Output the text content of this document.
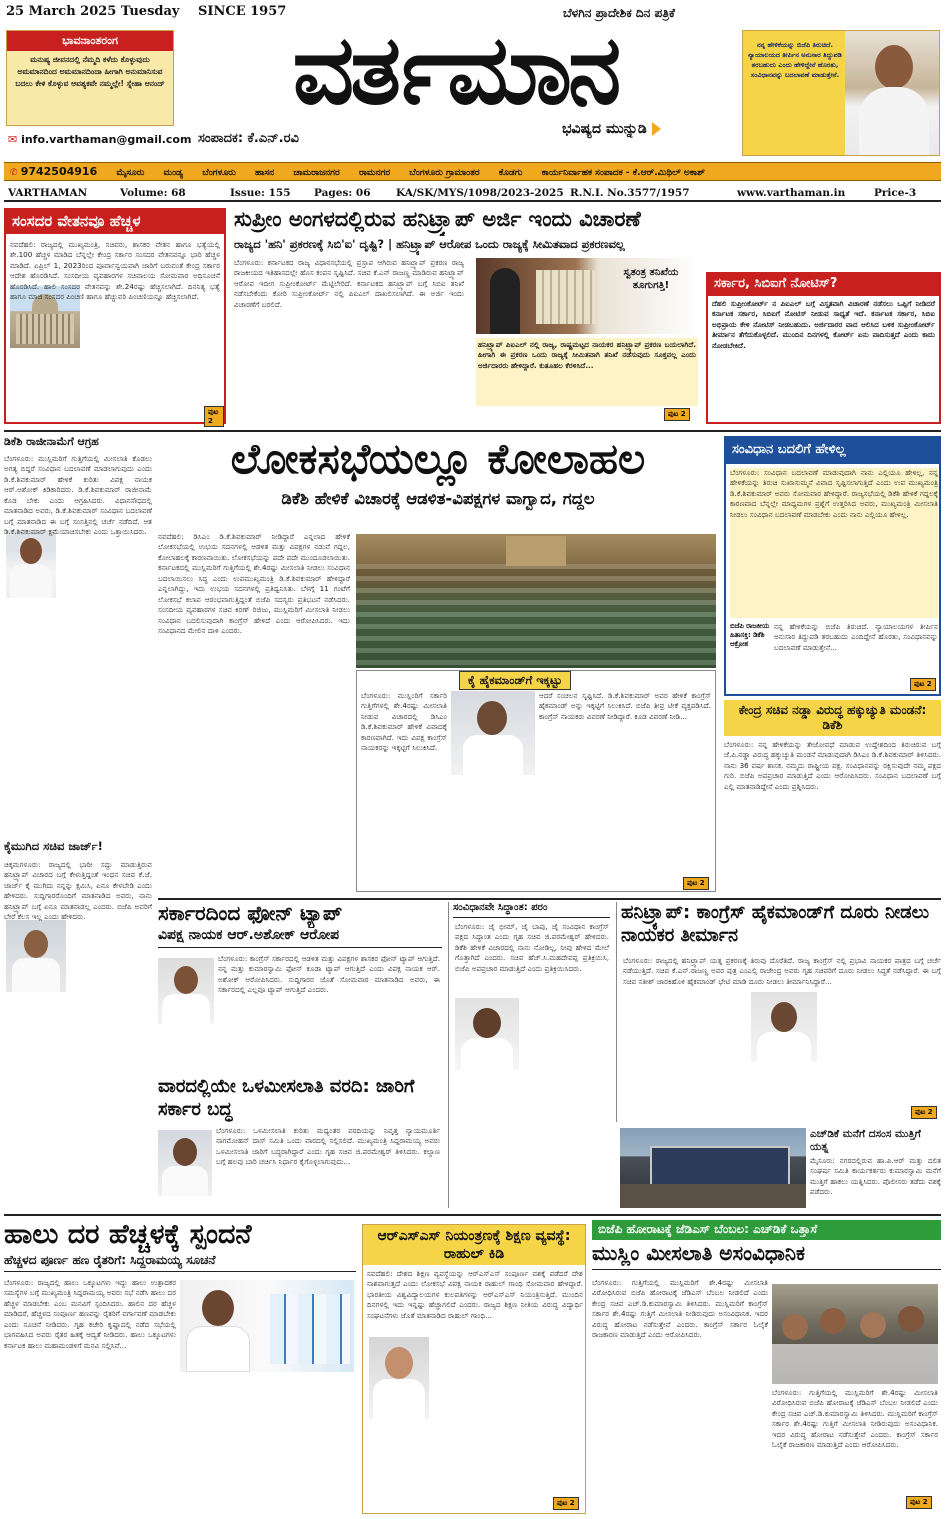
25 March 2025 Tuesday SINCE 1957	ಬೆಳಗಿನ ಪ್ರಾದೇಶಿಕ ದಿನ ಪತ್ರಿಕೆ
ಭಾವನಾಂತರಂಗ
ಮನುಷ್ಯ ಜೀವನದಲ್ಲಿ ನೆಮ್ಮದಿ ಕಳೆದು ಕೊಳ್ಳುವುದು ಅಮಮಾನದಿಂದ ಅಮಮಾನದಿಂದಾ ಹೀಗಾಗಿ ಅನುಮಾನಿಸುವ ಬದಲು ಕೇಳಿ ಕೊಳ್ಳುವ ಆವಶ್ಯಕವೇ ನಮ್ಮಲ್ಲೇ! ಸ್ನೇಹಾ ಆನಂದ್
✉ info.varthaman@gmail.com
ವರ್ತಮಾನ
ಸಂಪಾದಕ: ಕೆ.ಎನ್.ರವಿ
ಭವಿಷ್ಯದ ಮುನ್ನುಡಿ
ನನ್ನ ಹೇಳಿಕೆಯನ್ನು ಬಿಜೆಪಿ ತಿರುಚಿದೆ. ನ್ಯಾಯಾಲಯದ ತೀರ್ಪಿನ ಅನುಸಾರ ತಿದ್ದುಪಡಿ ತರಬಹುದು ಎಂದು ಹೇಳಿದ್ದೇನೆ ಹೊರತು, ಸಂವಿಧಾನವನ್ನು ಬದಲಾವಣೆ ಮಾಡುತ್ತೇನೆ.
✆ 9742504916 ಮೈಸೂರು ಮಂಡ್ಯ ಬೆಂಗಳೂರು ಹಾಸನ ಚಾಮರಾಜನಗರ ರಾಮನಗರ ಬೆಂಗಳೂರು ಗ್ರಾಮಾಂತರ ಕೊಡಗು ಕಾರ್ಯನಿರ್ವಾಹಕ ಸಂಪಾದಕ - ಕೆ.ಆರ್.ಮಿಥಿಲ್ ಅಕಾಶ್
VARTHAMAN	Volume: 68	Issue: 155 Pages: 06 KA/SK/MYS/1098/2023-2025 R.N.I. No.3577/1957	www.varthaman.in	Price-3
ಸಂಸದರ ವೇತನವೂ ಹೆಚ್ಚಳ
ನವದೆಹಲಿ: ರಾಜ್ಯದಲ್ಲಿ ಮುಖ್ಯಮಂತ್ರಿ, ಸಚಿವರು, ಶಾಸಕರ ವೇತನ ಹಾಗೂ ಭತ್ಯೆಯಲ್ಲಿ ಶೇ.100 ಹೆಚ್ಚಳ ಮಾಡಿದ ಬೆನ್ನಲ್ಲೇ ಕೇಂದ್ರ ಸರ್ಕಾರ ಸಂಸದರ ವೇತನವನ್ನೂ ಭಾರಿ ಹೆಚ್ಚಳ ಮಾಡಿದೆ. ಏಪ್ರಿಲ್ 1, 2023ರಿಂದ ಪೂರ್ವಾನ್ವಯವಾಗಿ ಜಾರಿಗೆ ಬರುವಂತೆ ಕೇಂದ್ರ ಸರ್ಕಾರ ಆದೇಶ ಹೊರಡಿಸಿದೆ. ಸಂಸದೀಯ ವ್ಯವಹಾರಗಳ ಸಚಿವಾಲಯ ಸೋಮವಾರ ಅಧಿಸೂಚನೆ ಹೊರಡಿಸಿದೆ. ಹಾಲಿ ಸಂಸದರ ವೇತನವನ್ನು ಶೇ.24ರಷ್ಟು ಹೆಚ್ಚಿಸಲಾಗಿದೆ. ದಿನನಿತ್ಯ ಭತ್ಯೆ ಹಾಗೂ ಮಾಜಿ ಸಂಸದರ ಪಿಂಚಣಿ ಹಾಗೂ ಹೆಚ್ಚುವರಿ ಪಿಂಚಣಿಯನ್ನೂ ಹೆಚ್ಚಿಸಲಾಗಿದೆ.
ಪುಟ 2
ಸುಪ್ರೀಂ ಅಂಗಳದಲ್ಲಿರುವ ಹನಿಟ್ರ್ಯಾಪ್ ಅರ್ಜಿ ಇಂದು ವಿಚಾರಣೆ
ರಾಜ್ಯದ 'ಹನಿ' ಪ್ರಕರಣಕ್ಕೆ ಸಿಬಿ'ಐ' ದೃಷ್ಟಿ? | ಹನಿಟ್ರ್ಯಾಪ್ ಆರೋಪ ಒಂದು ರಾಜ್ಯಕ್ಕೆ ಸೀಮಿತವಾದ ಪ್ರಕರಣವಲ್ಲ
ಬೆಂಗಳೂರು: ಕರ್ನಾಟಕದ ರಾಜ್ಯ ವಿಧಾನಸಭೆಯಲ್ಲಿ ಪ್ರಸ್ತಾಪ ಆಗಿರುವ ಹನಿಟ್ರ್ಯಾಪ್ ಪ್ರಕರಣ ರಾಜ್ಯ ರಾಜಕೀಯದ ಇತಿಹಾಸದಲ್ಲೇ ಹೊಸ ಕಂಪನ ಸೃಷ್ಟಿಸಿದೆ. ಸಚಿವ ಕೆ.ಎನ್ ರಾಜಣ್ಣ ಮಾಡಿರುವ ಹನಿಟ್ರ್ಯಾಪ್ ಆರೋಪ ಇದೀಗ ಸುಪ್ರೀಂಕೋರ್ಟ್ ಮೆಟ್ಟಿಲೇರಿದೆ. ಕರ್ನಾಟಕದ ಹನಿಟ್ರ್ಯಾಪ್ ಬಗ್ಗೆ ಸಿಬಿಐ ತನಿಖೆ ನಡೆಸಬೇಕೆಂದು ಕೋರಿ ಸುಪ್ರೀಂಕೋರ್ಟ್ ನಲ್ಲಿ ಪಿಐಎಲ್ ದಾಖಲಿಸಲಾಗಿದೆ. ಈ ಅರ್ಜಿ ಇಂದು ವಿಚಾರಣೆಗೆ ಬರಲಿದೆ.
ಸ್ವತಂತ್ರ ತನಿಖೆಯ ತೂಗುಗತ್ತಿ!
ಹನಿಟ್ರ್ಯಾಪ್ ಪಿಐಎಲ್ ನಲ್ಲಿ ರಾಜ್ಯ, ರಾಷ್ಟ್ರಮಟ್ಟದ ನಾಯಕರ ಹನಿಟ್ರ್ಯಾಪ್ ಪ್ರಕರಣ ಬಯಲಾಗಿದೆ. ಹೀಗಾಗಿ ಈ ಪ್ರಕರಣ ಒಂದು ರಾಜ್ಯಕ್ಕೆ ಸೀಮಿತವಾಗಿ ತನಿಖೆ ನಡೆಸುವುದು ಸೂಕ್ತವಲ್ಲ ಎಂದು ಅರ್ಜಿದಾರರು ಹೇಳಿದ್ದಾರೆ. ಕುತೂಹಲ ಕೆರಳಿಸಿದೆ...
ಪುಟ 2
ಸರ್ಕಾರ, ಸಿಬಿಐಗೆ ನೋಟಿಸ್?
ದೆಹಲಿ ಸುಪ್ರೀಂಕೋರ್ಟ್ ನ ಪಿಐಎಲ್ ಬಗ್ಗೆ ವಿಸ್ತೃತವಾಗಿ ವಿಚಾರಣೆ ನಡೆಸಲು ಒಪ್ಪಿಗೆ ನೀಡಿದರೆ ಕರ್ನಾಟಕ ಸರ್ಕಾರ, ಸಿಬಿಐಗೆ ನೋಟಿಸ್ ನೀಡುವ ಸಾಧ್ಯತೆ ಇದೆ. ಕರ್ನಾಟಕ ಸರ್ಕಾರ, ಸಿಬಿಐ ಅಭಿಪ್ರಾಯ ಕೇಳಿ ನೋಟಿಸ್ ನೀಡಬಹುದು. ಅರ್ಜಿದಾರರ ವಾದ ಆಲಿಸಿದ ಬಳಿಕ ಸುಪ್ರೀಂಕೋರ್ಟ್ ತೀರ್ಮಾನ ತೆಗೆದುಕೊಳ್ಳಲಿದೆ. ಮುಂದಿನ ದಿನಗಳಲ್ಲಿ ಕೋರ್ಟ್ ಏನು ವಾದಿಸುತ್ತದೆ ಎಂದು ಕಾದು ನೋಡಬೇಕಿದೆ.
ಡಿಕೆಶಿ ರಾಜೀನಾಮೆಗೆ ಆಗ್ರಹ
ಬೆಂಗಳೂರು: ಮುಸ್ಲಿಮರಿಗೆ ಗುತ್ತಿಗೆಯಲ್ಲಿ ಮೀಸಲಾತಿ ಕೊಡಲು ಅಗತ್ಯ ಬಿದ್ದರೆ ಸಂವಿಧಾನ ಬದಲಾವಣೆ ಮಾಡಲಾಗುವುದು ಎಂದು ಡಿ.ಕೆ.ಶಿವಕುಮಾರ್ ಹೇಳಿಕೆ ಕುರಿತು ವಿಪಕ್ಷ ನಾಯಕ ಆರ್.ಅಶೋಕ್ ಕಿಡಿಕಾರಿದರು. ಡಿ.ಕೆ.ಶಿವಕುಮಾರ್ ರಾಜೀನಾಮೆ ಕೊಡ ಬೇಕು ಎಂದು ಆಗ್ರಹಿಸಿದರು. ವಿಧಾನಸೌಧದಲ್ಲಿ ಮಾತನಾಡಿದ ಅವರು, ಡಿ.ಕೆ.ಶಿವಕುಮಾರ್ ಸಂವಿಧಾನ ಬದಲಾವಣೆ ಬಗ್ಗೆ ಮಾತನಾಡಿದ ಈ ಬಗ್ಗೆ ಸಂಸತ್ತಿನಲ್ಲಿ ಚರ್ಚೆ ನಡೆದಿದೆ. ಆತ ಡಿ.ಕೆ.ಶಿವಕುಮಾರ್ ಕ್ಷಮೆಯಾಚಿಸಬೇಕು ಎಂದು ಒತ್ತಾಯಿಸಿದರು.
ಕೈಮುಗಿದ ಸಚಿವ ಜಾರ್ಜ್!
ಚಿಕ್ಕಮಗಳೂರು: ರಾಜ್ಯದಲ್ಲಿ ಭಾರೀ ಸದ್ದು ಮಾಡುತ್ತಿರುವ ಹನಿಟ್ರ್ಯಾಪ್ ವಿಚಾರದ ಬಗ್ಗೆ ಕೇಳುತ್ತಿದ್ದಂತೆ ಇಂಧನ ಸಚಿವ ಕೆ.ಜೆ. ಜಾರ್ಜ್ ಕೈ ಮುಗಿದು ನನ್ನನ್ನು ಕ್ಷಮಿಸಿ, ಏನೂ ಕೇಳಬೇಡಿ ಎಂದು ಹೇಳಿದರು. ಸುದ್ದಿಗಾರರೊಂದಿಗೆ ಮಾತನಾಡಿದ ಅವರು, ನಾನು ಹನಿಟ್ರ್ಯಾಪ್ ಬಗ್ಗೆ ಏನೂ ಮಾತನಾಡಲ್ಲ ಎಂದರು. ಬಿಜೆಪಿ ಅವರಿಗೆ ಬೇರೆ ಕೆಲಸ ಇಲ್ಲ ಎಂದು ಹೇಳಿದರು.
ಲೋಕಸಭೆಯಲ್ಲೂ ಕೋಲಾಹಲ
ಡಿಕೆಶಿ ಹೇಳಿಕೆ ವಿಚಾರಕ್ಕೆ ಆಡಳಿತ-ವಿಪಕ್ಷಗಳ ವಾಗ್ವಾದ, ಗದ್ದಲ
ನವದೆಹಲಿ: ಡಿಸಿಎಂ ಡಿ.ಕೆ.ಶಿವಕುಮಾರ್ ನೀಡಿದ್ದಾರೆ ಎನ್ನಲಾದ ಹೇಳಿಕೆ ಲೋಕಸಭೆಯಲ್ಲಿ ಉಭಯ ಸದನಗಳಲ್ಲಿ ಆಡಳಿತ ಮತ್ತು ವಿಪಕ್ಷಗಳ ನಡುವೆ ಗದ್ದಲ, ಕೋಲಾಹಲಕ್ಕೆ ಕಾರಣವಾಯಿತು. ಲೋಕಸಭೆಯನ್ನು ಪದೇ ಪದೇ ಮುಂದೂಡಲಾಯಿತು. ಕರ್ನಾಟಕದಲ್ಲಿ ಮುಸ್ಲಿಮರಿಗೆ ಗುತ್ತಿಗೆಯಲ್ಲಿ ಶೇ.4ರಷ್ಟು ಮೀಸಲಾತಿ ನೀಡಲು ಸಂವಿಧಾನ ಬದಲಾಯಿಸಲು ಸಿದ್ಧ ಎಂದು ಉಪಮುಖ್ಯಮಂತ್ರಿ ಡಿ.ಕೆ.ಶಿವಕುಮಾರ್ ಹೇಳಿದ್ದಾರೆ ಎನ್ನಲಾಗಿದ್ದು, ಇದು ಉಭಯ ಸದನಗಳಲ್ಲಿ ಪ್ರತಿಧ್ವನಿಸಿತು. ಬೆಳಗ್ಗೆ 11 ಗಂಟೆಗೆ ಲೋಕಸಭೆ ಕಲಾಪ ಆರಂಭವಾಗುತ್ತಿದ್ದಂತೆ ಬಿಜೆಪಿ ಸದಸ್ಯರು ಪ್ರತಿಭಟನೆ ನಡೆಸಿದರು. ಸಂಸದೀಯ ವ್ಯವಹಾರಗಳ ಸಚಿವ ಕಿರಣ್ ರಿಜಿಜು, ಮುಸ್ಲಿಮರಿಗೆ ಮೀಸಲಾತಿ ನೀಡಲು ಸಂವಿಧಾನ ಬದಲಿಸುವುದಾಗಿ ಕಾಂಗ್ರೆಸ್ ಹೇಳಿದೆ ಎಂದು ಆರೋಪಿಸಿದರು. ಇದು ಸಂವಿಧಾನದ ಮೇಲಿನ ದಾಳಿ ಎಂದರು.
ಕೈ ಹೈಕಮಾಂಡ್‌ಗೆ ಇಕ್ಕಟ್ಟು
ಬೆಂಗಳೂರು: ಮುಸ್ಲಿಂರಿಗೆ ಸರ್ಕಾರಿ ಗುತ್ತಿಗೆಗಳಲ್ಲಿ ಶೇ.4ರಷ್ಟು ಮೀಸಲಾತಿ ನೀಡುವ ವಿಚಾರದಲ್ಲಿ ಡಿಸಿಎಂ ಡಿ.ಕೆ.ಶಿವಕುಮಾರ್ ಹೇಳಿಕೆ ವಿವಾದಕ್ಕೆ ಕಾರಣವಾಗಿದೆ. ಇದು ವಿಪಕ್ಷ ಕಾಂಗ್ರೆಸ್ ನಾಯಕರನ್ನು ಇಕ್ಕಟ್ಟಿಗೆ ಸಿಲುಕಿಸಿದೆ.
ಆದರೆ ಸಂಚಲನ ಸೃಷ್ಟಿಸಿದೆ. ಡಿ.ಕೆ.ಶಿವಕುಮಾರ್ ಅವರ ಹೇಳಿಕೆ ಕಾಂಗ್ರೆಸ್ ಹೈಕಮಾಂಡ್ ಅನ್ನು ಇಕ್ಕಟ್ಟಿಗೆ ಸಿಲುಕಿಸಿದೆ. ಬಿಜೆಪಿ ತೀವ್ರ ಟೀಕೆ ವ್ಯಕ್ತಪಡಿಸಿದೆ. ಕಾಂಗ್ರೆಸ್ ನಾಯಕರು ವಿವರಣೆ ನೀಡಿದ್ದಾರೆ. ಕೂಡ ವಿವರಣೆ ನೀಡಿ...
ಪುಟ 2
ಸಂವಿಧಾನ ಬದಲಿಗೆ ಹೇಳಿಲ್ಲ
ಬೆಂಗಳೂರು: ಸಂವಿಧಾನ ಬದಲಾವಣೆ ಮಾಡುವುದಾಗಿ ನಾನು ಎಲ್ಲಿಯೂ ಹೇಳಿಲ್ಲ, ನನ್ನ ಹೇಳಿಕೆಯನ್ನು ತಿರುಚಿ ಸುಖಾಸುಮ್ಮನೆ ವಿವಾದ ಸೃಷ್ಟಿಸಲಾಗುತ್ತಿದೆ ಎಂದು ಉಪ ಮುಖ್ಯಮಂತ್ರಿ ಡಿ.ಕೆ.ಶಿವಕುಮಾರ್ ಅವರು ಸೋಮವಾರ ಹೇಳಿದ್ದಾರೆ. ರಾಜ್ಯಸಭೆಯಲ್ಲಿ ಡಿಕೆಶಿ ಹೇಳಿಕೆ ಗದ್ದಲಕ್ಕೆ ಕಾರಣವಾದ ಬೆನ್ನಲ್ಲೇ ಮಾಧ್ಯಮಗಳ ಪ್ರಶ್ನೆಗೆ ಉತ್ತರಿಸಿದ ಅವರು, ಮುಖ್ಯಮಂತ್ರಿ ಮೀಸಲಾತಿ ನೀಡಲು ಸಂವಿಧಾನ ಬದಲಾವಣೆ ಮಾಡಬೇಕು ಎಂದು ನಾನು ಎಲ್ಲಿಯೂ ಹೇಳಿಲ್ಲ.
ಬಿಜೆಪಿ ರಾಜಕೀಯ ಹಿತಾಸಕ್ತಿ: ಡಿಕೆಶಿ ಆಕ್ರೋಶ
ನನ್ನ ಹೇಳಿಕೆಯನ್ನು ಬಿಜೆಪಿ ತಿರುಚಿದೆ. ನ್ಯಾಯಾಲಯಗಳ ತೀರ್ಪಿನ ಅನುಸಾರ ತಿದ್ದುಪಡಿ ತರಬಹುದು ಎಂದಿದ್ದೇನೆ ಹೊರತು, ಸಂವಿಧಾನವನ್ನು ಬದಲಾವಣೆ ಮಾಡುತ್ತೇನೆ...
ಪುಟ 2
ಕೇಂದ್ರ ಸಚಿವ ನಡ್ಡಾ ವಿರುದ್ಧ ಹಕ್ಕುಚ್ಯುತಿ ಮಂಡನೆ: ಡಿಕೆಶಿ
ಬೆಂಗಳೂರು: ನನ್ನ ಹೇಳಿಕೆಯನ್ನು ತೇಜೋವಧೆ ಮಾಡುವ ಉದ್ದೇಶದಿಂದ ತಿರುಚಿರುವ ಬಗ್ಗೆ ಜೆ.ಪಿ.ನಡ್ಡಾ ವಿರುದ್ಧ ಹಕ್ಕುಚ್ಯುತಿ ಮಂಡನೆ ಮಾಡುವುದಾಗಿ ಡಿಸಿಎಂ ಡಿ.ಕೆ.ಶಿವಕುಮಾರ್ ತಿಳಿಸಿದರು. ನಾನು 36 ವರ್ಷ ಶಾಸಕ. ನಮ್ಮದು ರಾಷ್ಟ್ರೀಯ ಪಕ್ಷ. ಸಂವಿಧಾನವನ್ನು ರಕ್ಷಿಸುವುದೇ ನಮ್ಮ ಪಕ್ಷದ ಗುರಿ. ಬಿಜೆಪಿ ಅಪಪ್ರಚಾರ ಮಾಡುತ್ತಿದೆ ಎಂದು ಆರೋಪಿಸಿದರು. ಸಂವಿಧಾನ ಬದಲಾವಣೆ ಬಗ್ಗೆ ಎಲ್ಲಿ ಮಾತನಾಡಿದ್ದೇನೆ ಎಂದು ಪ್ರಶ್ನಿಸಿದರು.
ಸರ್ಕಾರದಿಂದ ಫೋನ್ ಟ್ಯಾಪ್
ವಿಪಕ್ಷ ನಾಯಕ ಆರ್.ಅಶೋಕ್ ಆರೋಪ
ಬೆಂಗಳೂರು: ಕಾಂಗ್ರೆಸ್ ಸರ್ಕಾರದಲ್ಲಿ ಆಡಳಿತ ಮತ್ತು ವಿಪಕ್ಷಗಳ ಶಾಸಕರ ಫೋನ್ ಟ್ಯಾಪ್ ಆಗುತ್ತಿದೆ. ನನ್ನ ಮತ್ತು ಕುಮಾರಸ್ವಾಮಿ ಫೋನ್ ಕೂಡಾ ಟ್ಯಾಪ್ ಆಗುತ್ತಿದೆ ಎಂದು ವಿಪಕ್ಷ ನಾಯಕ ಆರ್. ಅಶೋಕ್ ಆರೋಪಿಸಿದರು. ಸುದ್ದಿಗಾರರ ಜೊತೆ ಸೋಮವಾರ ಮಾತನಾಡಿದ ಅವರು, ಈ ಸರ್ಕಾರದಲ್ಲಿ ಎಲ್ಲವೂ ಟ್ಯಾಪ್ ಆಗುತ್ತಿದೆ ಎಂದರು.
ವಾರದಲ್ಲಿಯೇ ಒಳಮೀಸಲಾತಿ ವರದಿ: ಜಾರಿಗೆ ಸರ್ಕಾರ ಬದ್ಧ
ಬೆಂಗಳೂರು: ಒಳಮೀಸಲಾತಿ ಕುರಿತು ಮಧ್ಯಂತರ ವರದಿಯನ್ನು ನಿವೃತ್ತ ನ್ಯಾಯಮೂರ್ತಿ ನಾಗಮೋಹನ್ ದಾಸ್ ಸಮಿತಿ ಒಂದು ವಾರದಲ್ಲಿ ಸಲ್ಲಿಸಲಿದೆ. ಮುಖ್ಯಮಂತ್ರಿ ಸಿದ್ದರಾಮಯ್ಯ ಅವರು ಒಳಮೀಸಲಾತಿ ಜಾರಿಗೆ ಬದ್ಧರಾಗಿದ್ದಾರೆ ಎಂದು ಗೃಹ ಸಚಿವ ಜಿ.ಪರಮೇಶ್ವರ್ ತಿಳಿಸಿದರು. ಕಲ್ಯಾಣ ಬಗ್ಗೆ ಹಲವು ಬಾರಿ ಚರ್ಚಿಸಿ ನಿರ್ಧಾರ ಕೈಗೊಳ್ಳಲಾಗುವುದು...
ಸಂವಿಧಾನವೇ ಸಿದ್ಧಾಂತ: ಪರಂ
ಬೆಂಗಳೂರು: ಜೈ ಭೀಮ್, ಜೈ ಬಾಪು, ಜೈ ಸಂವಿಧಾನ ಕಾಂಗ್ರೆಸ್ ಪಕ್ಷದ ಸಿದ್ಧಾಂತ ಎಂದು ಗೃಹ ಸಚಿವ ಜಿ.ಪರಮೇಶ್ವರ್ ಹೇಳಿದರು. ಡಿಕೆಶಿ ಹೇಳಿಕೆ ವಿಚಾರದಲ್ಲಿ ನಾನು ನೋಡಿಲ್ಲ, ನೀವು ಹೇಳಿದ ಮೇಲೆ ಗೊತ್ತಾಗಿದೆ ಎಂದರು. ಸಚಿವ ಹೆಚ್.ಸಿ.ಮಹದೇವಪ್ಪ ಪ್ರತಿಕ್ರಿಯಿಸಿ, ಬಿಜೆಪಿ ಅಪಪ್ರಚಾರ ಮಾಡುತ್ತಿದೆ ಎಂದು ಪ್ರತಿಕ್ರಿಯಿಸಿದರು.
ಹನಿಟ್ರ್ಯಾಪ್: ಕಾಂಗ್ರೆಸ್ ಹೈಕಮಾಂಡ್‌ಗೆ ದೂರು ನೀಡಲು ನಾಯಕರ ತೀರ್ಮಾನ
ಬೆಂಗಳೂರು: ರಾಜ್ಯದಲ್ಲಿ ಹನಿಟ್ರ್ಯಾಪ್ ಯತ್ನ ಪ್ರಕರಣಕ್ಕೆ ತಿರುವು ದೊರೆತಿದೆ. ರಾಜ್ಯ ಕಾಂಗ್ರೆಸ್ ನಲ್ಲಿ ಪ್ರಭಾವಿ ನಾಯಕರ ಪಾತ್ರದ ಬಗ್ಗೆ ಚರ್ಚೆ ನಡೆಯುತ್ತಿದೆ. ಸಚಿವ ಕೆ.ಎನ್.ರಾಜಣ್ಣ ಅವರ ಪುತ್ರ ಎಂಎಲ್ಸಿ ರಾಜೇಂದ್ರ ಅವರು ಗೃಹ ಸಚಿವರಿಗೆ ದೂರು ನೀಡಲು ಸಿದ್ಧತೆ ನಡೆಸಿದ್ದಾರೆ. ಈ ಬಗ್ಗೆ ಸಚಿವ ಸತೀಶ್ ಜಾರಕಿಹೊಳಿ ಹೈಕಮಾಂಡ್ ಭೇಟಿ ಮಾಡಿ ದೂರು ನೀಡಲು ತೀರ್ಮಾನಿಸಿದ್ದಾರೆ...
ಪುಟ 2
ಎಚ್‌ಡಿಕೆ ಮನೆಗೆ ದಸಂಸ ಮುತ್ತಿಗೆ ಯತ್ನ
ಮೈಸೂರು: ನಗರದಲ್ಲಿರುವ ಹಾ.ಪಿ.ಆರ್ ಮತ್ತು ದಲಿತ ಸಂಘರ್ಷ ಸಮಿತಿ ಕಾರ್ಯಕರ್ತರು ಕುಮಾರಸ್ವಾಮಿ ಮನೆಗೆ ಮುತ್ತಿಗೆ ಹಾಕಲು ಯತ್ನಿಸಿದರು. ಪೊಲೀಸರು ತಡೆದು ವಶಕ್ಕೆ ಪಡೆದರು.
ಹಾಲು ದರ ಹೆಚ್ಚಳಕ್ಕೆ ಸ್ಪಂದನೆ
ಹೆಚ್ಚಳದ ಪೂರ್ಣ ಹಣ ರೈತರಿಗೆ: ಸಿದ್ದರಾಮಯ್ಯ ಸೂಚನೆ
ಬೆಂಗಳೂರು: ರಾಜ್ಯದಲ್ಲಿ ಹಾಲು ಒಕ್ಕೂಟಗಳು ಇದ್ದು ಹಾಲು ಉತ್ಪಾದಕರ ಸಮಸ್ಯೆಗಳ ಬಗ್ಗೆ ಮುಖ್ಯಮಂತ್ರಿ ಸಿದ್ದರಾಮಯ್ಯ ಅವರು ಸಭೆ ನಡೆಸಿ ಹಾಲು ದರ ಹೆಚ್ಚಳ ಮಾಡಬೇಕು ಎಂಬ ಮನವಿಗೆ ಸ್ಪಂದಿಸಿದರು. ಹಾಲಿನ ದರ ಹೆಚ್ಚಳ ಮಾಡಿದರೆ, ಹೆಚ್ಚಳದ ಸಂಪೂರ್ಣ ಹಣವನ್ನು ರೈತರಿಗೆ ವರ್ಗಾವಣೆ ಮಾಡಬೇಕು ಎಂದು ಸೂಚನೆ ನೀಡಿದರು. ಗೃಹ ಕಚೇರಿ ಕೃಷ್ಣಾದಲ್ಲಿ ನಡೆದ ಸಭೆಯಲ್ಲಿ ಭಾಗವಹಿಸಿದ ಅವರು ರೈತರ ಹಿತಕ್ಕೆ ಆದ್ಯತೆ ನೀಡಿದರು. ಹಾಲು ಒಕ್ಕೂಟಗಳು ಕರ್ನಾಟಕ ಹಾಲು ಮಹಾಮಂಡಳಿಗೆ ಮನವಿ ಸಲ್ಲಿಸಿವೆ...
ಆರ್‌ಎಸ್‌ಎಸ್ ನಿಯಂತ್ರಣಕ್ಕೆ ಶಿಕ್ಷಣ ವ್ಯವಸ್ಥೆ: ರಾಹುಲ್ ಕಿಡಿ
ನವದೆಹಲಿ: ದೇಶದ ಶಿಕ್ಷಣ ವ್ಯವಸ್ಥೆಯನ್ನು ಆರ್‌ಎಸ್‌ಎಸ್ ಸಂಪೂರ್ಣ ವಶಕ್ಕೆ ಪಡೆದರೆ ದೇಶ ನಾಶವಾಗುತ್ತದೆ ಎಂದು ಲೋಕಸಭೆ ವಿಪಕ್ಷ ನಾಯಕ ರಾಹುಲ್ ಗಾಂಧಿ ಸೋಮವಾರ ಹೇಳಿದ್ದಾರೆ. ಭಾರತೀಯ ವಿಶ್ವವಿದ್ಯಾಲಯಗಳ ಕುಲಪತಿಗಳನ್ನು ಆರ್‌ಎಸ್‌ಎಸ್ ನಿಯಂತ್ರಿಸುತ್ತಿದೆ. ಮುಂದಿನ ದಿನಗಳಲ್ಲಿ ಇದು ಇನ್ನಷ್ಟು ಹೆಚ್ಚಾಗಲಿದೆ ಎಂದರು. ರಾಜ್ಯದ ಶಿಕ್ಷಣ ನೀತಿಯ ವಿರುದ್ಧ ವಿದ್ಯಾರ್ಥಿ ಸಂಘಟನೆಗಳು ಜೊತೆ ಮಾತನಾಡಿದ ರಾಹುಲ್ ಗಾಂಧಿ...
ಪುಟ 2
ಬಿಜೆಪಿ ಹೋರಾಟಕ್ಕೆ ಜೆಡಿಎಸ್ ಬೆಂಬಲ: ಎಚ್‌ಡಿಕೆ ಒತ್ತಾಸೆ
ಮುಸ್ಲಿಂ ಮೀಸಲಾತಿ ಅಸಂವಿಧಾನಿಕ
ಬೆಂಗಳೂರು: ಗುತ್ತಿಗೆಯಲ್ಲಿ ಮುಸ್ಲಿಮರಿಗೆ ಶೇ.4ರಷ್ಟು ಮೀಸಲಾತಿ ವಿರೋಧಿಸಿರುವ ಬಿಜೆಪಿ ಹೋರಾಟಕ್ಕೆ ಜೆಡಿಎಸ್ ಬೆಂಬಲ ನೀಡಲಿದೆ ಎಂದು ಕೇಂದ್ರ ಸಚಿವ ಎಚ್.ಡಿ.ಕುಮಾರಸ್ವಾಮಿ ತಿಳಿಸಿದರು. ಮುಸ್ಲಿಮರಿಗೆ ಕಾಂಗ್ರೆಸ್ ಸರ್ಕಾರ ಶೇ.4ರಷ್ಟು ಗುತ್ತಿಗೆ ಮೀಸಲಾತಿ ನೀಡಿರುವುದು ಅಸಂವಿಧಾನಿಕ. ಇದರ ವಿರುದ್ಧ ಹೋರಾಟ ನಡೆಸುತ್ತೇವೆ ಎಂದರು. ಕಾಂಗ್ರೆಸ್ ಸರ್ಕಾರ ಓಲೈಕೆ ರಾಜಕಾರಣ ಮಾಡುತ್ತಿದೆ ಎಂದು ಆರೋಪಿಸಿದರು.
ಬೆಂಗಳೂರು: ಗುತ್ತಿಗೆಯಲ್ಲಿ ಮುಸ್ಲಿಮರಿಗೆ ಶೇ.4ರಷ್ಟು ಮೀಸಲಾತಿ ವಿರೋಧಿಸಿರುವ ಬಿಜೆಪಿ ಹೋರಾಟಕ್ಕೆ ಜೆಡಿಎಸ್ ಬೆಂಬಲ ನೀಡಲಿದೆ ಎಂದು ಕೇಂದ್ರ ಸಚಿವ ಎಚ್.ಡಿ.ಕುಮಾರಸ್ವಾಮಿ ತಿಳಿಸಿದರು. ಮುಸ್ಲಿಮರಿಗೆ ಕಾಂಗ್ರೆಸ್ ಸರ್ಕಾರ ಶೇ.4ರಷ್ಟು ಗುತ್ತಿಗೆ ಮೀಸಲಾತಿ ನೀಡಿರುವುದು ಅಸಂವಿಧಾನಿಕ. ಇದರ ವಿರುದ್ಧ ಹೋರಾಟ ನಡೆಸುತ್ತೇವೆ ಎಂದರು. ಕಾಂಗ್ರೆಸ್ ಸರ್ಕಾರ ಓಲೈಕೆ ರಾಜಕಾರಣ ಮಾಡುತ್ತಿದೆ ಎಂದು ಆರೋಪಿಸಿದರು.
ಪುಟ 2
